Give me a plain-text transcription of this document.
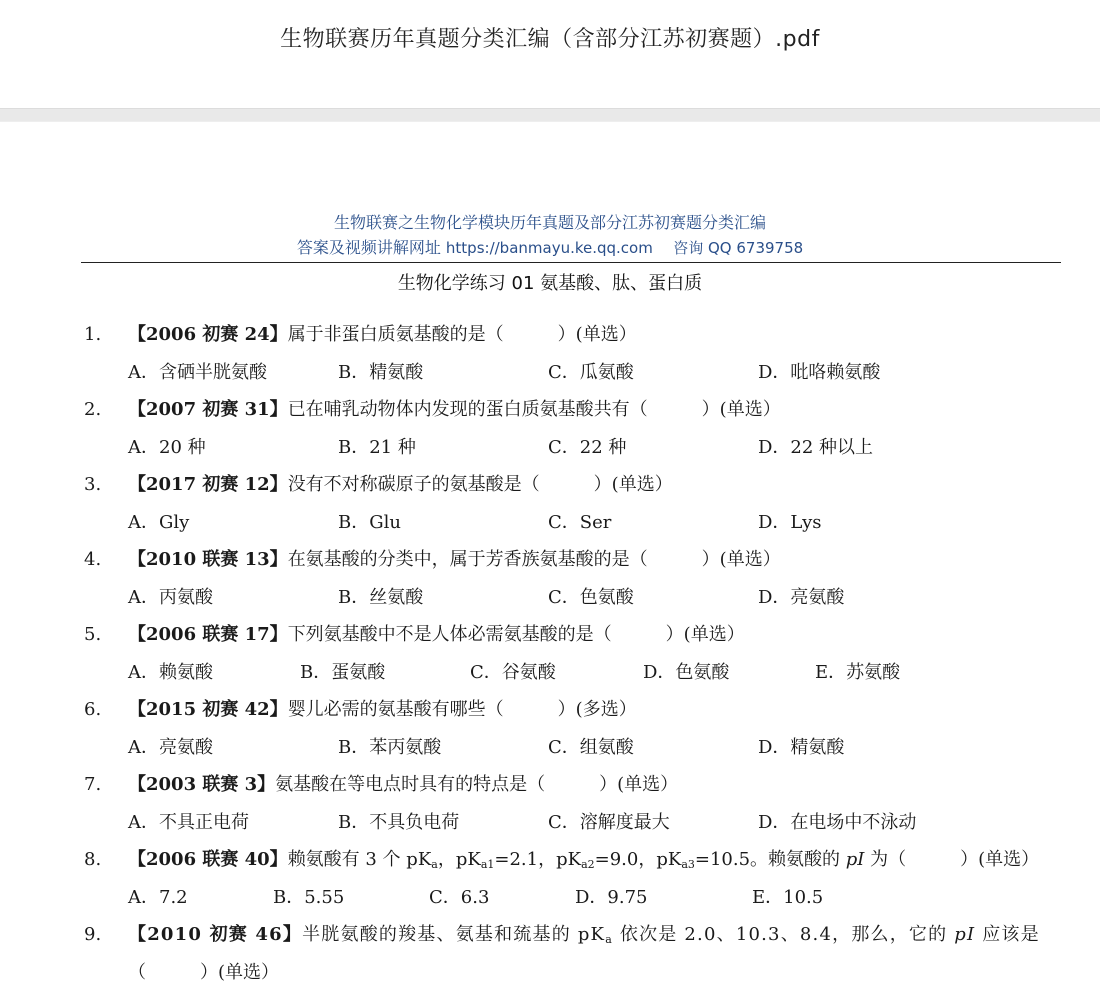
生物联赛历年真题分类汇编（含部分江苏初赛题）.pdf
生物联赛之生物化学模块历年真题及部分江苏初赛题分类汇编
答案及视频讲解网址 https://banmayu.ke.qq.com 咨询 QQ 6739758
生物化学练习 01 氨基酸、肽、蛋白质
1. 【2006 初赛 24】属于非蛋白质氨基酸的是（　　　）(单选）
A．含硒半胱氨酸	B．精氨酸	C．瓜氨酸	D．吡咯赖氨酸
2. 【2007 初赛 31】已在哺乳动物体内发现的蛋白质氨基酸共有（　　　）(单选）
A．20 种	B．21 种	C．22 种	D．22 种以上
3. 【2017 初赛 12】没有不对称碳原子的氨基酸是（　　　）(单选）
A．Gly	B．Glu	C．Ser	D．Lys
4. 【2010 联赛 13】在氨基酸的分类中，属于芳香族氨基酸的是（　　　）(单选）
A．丙氨酸	B．丝氨酸	C．色氨酸	D．亮氨酸
5. 【2006 联赛 17】下列氨基酸中不是人体必需氨基酸的是（　　　）(单选）
A．赖氨酸	B．蛋氨酸	C．谷氨酸	D．色氨酸	E．苏氨酸
6. 【2015 初赛 42】婴儿必需的氨基酸有哪些（　　　）(多选）
A．亮氨酸	B．苯丙氨酸	C．组氨酸	D．精氨酸
7. 【2003 联赛 3】氨基酸在等电点时具有的特点是（　　　）(单选）
A．不具正电荷	B．不具负电荷	C．溶解度最大	D．在电场中不泳动
8. 【2006 联赛 40】赖氨酸有 3 个 $pK_a$，$pK_{a1}=2.1$，$pK_{a2}=9.0$，$pK_{a3}=10.5$。赖氨酸的 pI 为（　　　）(单选）
A．7.2	B．5.55	C．6.3	D．9.75	E．10.5
9. 【2010 初赛 46】半胱氨酸的羧基、氨基和巯基的 $pK_a$ 依次是 2.0、10.3、8.4，那么，它的 pI 应该是
（　　　）(单选）
